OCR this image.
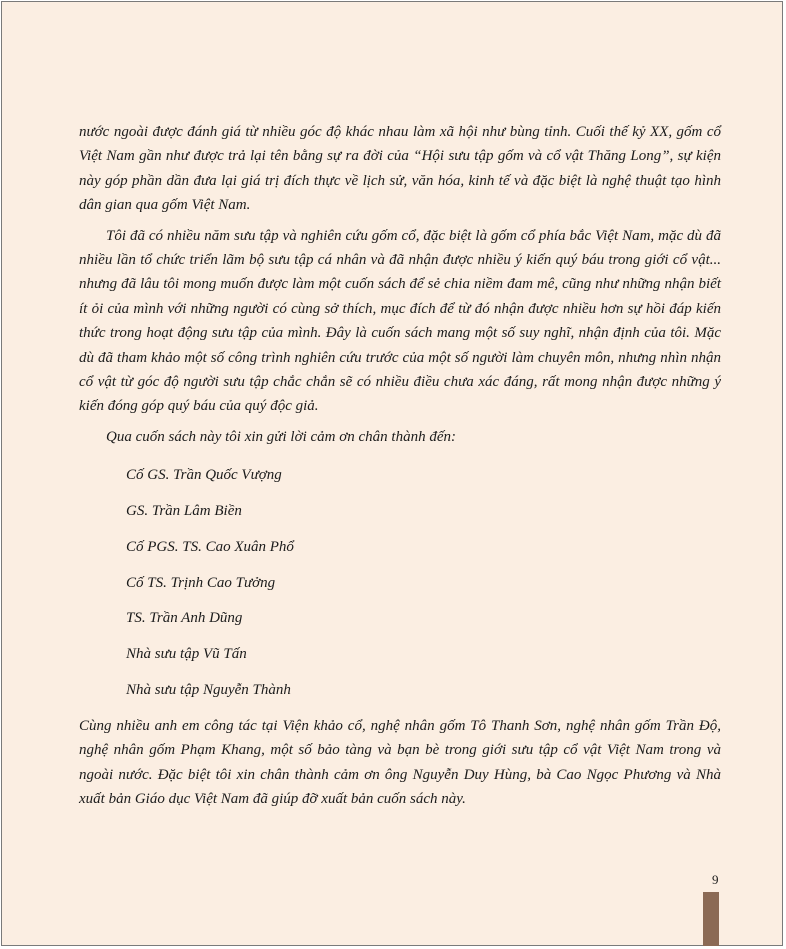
nước ngoài được đánh giá từ nhiều góc độ khác nhau làm xã hội như bùng tỉnh. Cuối thế kỷ XX, gốm cổ Việt Nam gần như được trả lại tên bằng sự ra đời của “Hội sưu tập gốm và cổ vật Thăng Long”, sự kiện này góp phần dần đưa lại giá trị đích thực về lịch sử, văn hóa, kinh tế và đặc biệt là nghệ thuật tạo hình dân gian qua gốm Việt Nam.

Tôi đã có nhiều năm sưu tập và nghiên cứu gốm cổ, đặc biệt là gốm cổ phía bắc Việt Nam, mặc dù đã nhiều lần tổ chức triển lãm bộ sưu tập cá nhân và đã nhận được nhiều ý kiến quý báu trong giới cổ vật... nhưng đã lâu tôi mong muốn được làm một cuốn sách để sẻ chia niềm đam mê, cũng như những nhận biết ít ỏi của mình với những người có cùng sở thích, mục đích để từ đó nhận được nhiều hơn sự hồi đáp kiến thức trong hoạt động sưu tập của mình. Đây là cuốn sách mang một số suy nghĩ, nhận định của tôi. Mặc dù đã tham khảo một số công trình nghiên cứu trước của một số người làm chuyên môn, nhưng nhìn nhận cổ vật từ góc độ người sưu tập chắc chắn sẽ có nhiều điều chưa xác đáng, rất mong nhận được những ý kiến đóng góp quý báu của quý độc giả.

Qua cuốn sách này tôi xin gửi lời cảm ơn chân thành đến:

Cố GS. Trần Quốc Vượng
GS. Trần Lâm Biền
Cố PGS. TS. Cao Xuân Phổ
Cố TS. Trịnh Cao Tưởng
TS. Trần Anh Dũng
Nhà sưu tập Vũ Tấn
Nhà sưu tập Nguyễn Thành

Cùng nhiều anh em công tác tại Viện khảo cổ, nghệ nhân gốm Tô Thanh Sơn, nghệ nhân gốm Trần Độ, nghệ nhân gốm Phạm Khang, một số bảo tàng và bạn bè trong giới sưu tập cổ vật Việt Nam trong và ngoài nước. Đặc biệt tôi xin chân thành cảm ơn ông Nguyễn Duy Hùng, bà Cao Ngọc Phương và Nhà xuất bản Giáo dục Việt Nam đã giúp đỡ xuất bản cuốn sách này.

9
